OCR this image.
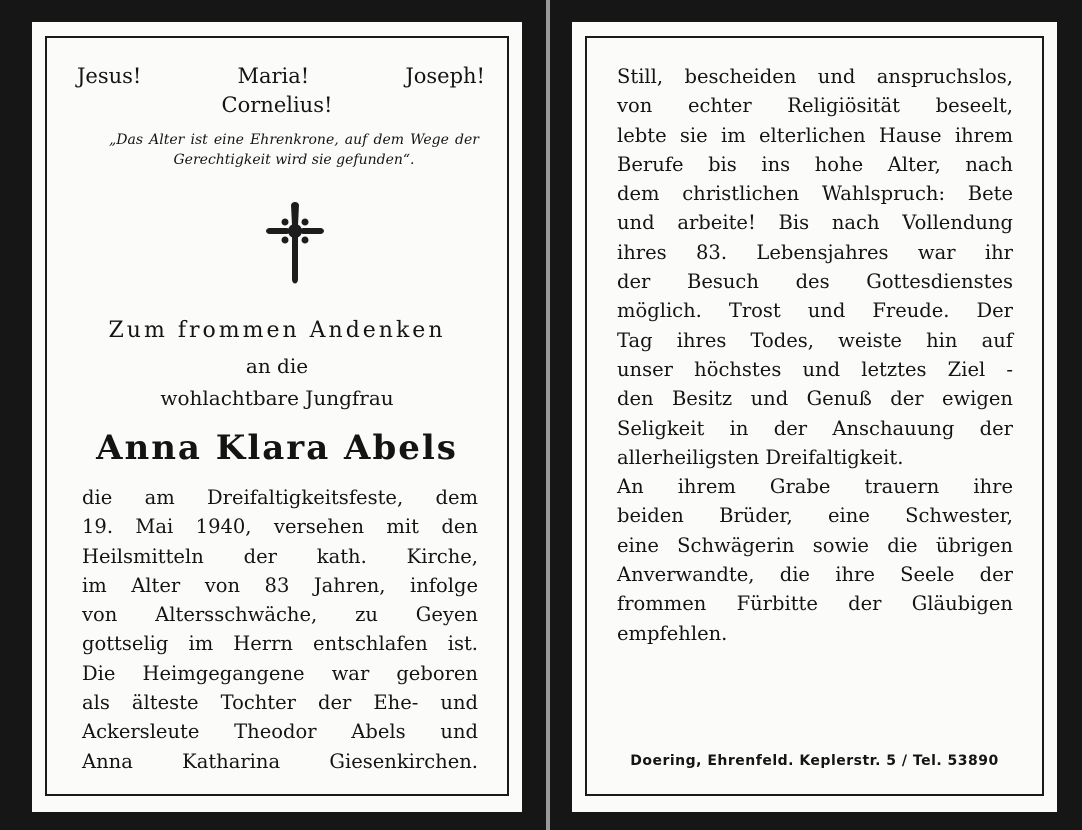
Jesus!	Maria!	Joseph!
Cornelius!
„Das Alter ist eine Ehrenkrone, auf dem Wege der Gerechtigkeit wird sie gefunden“.
Zum frommen Andenken
an die
wohlachtbare Jungfrau
Anna Klara Abels
die am Dreifaltigkeitsfeste, dem
19. Mai 1940, versehen mit den
Heilsmitteln der kath. Kirche,
im Alter von 83 Jahren, infolge
von Altersschwäche, zu Geyen
gottselig im Herrn entschlafen ist.
Die Heimgegangene war geboren
als älteste Tochter der Ehe- und
Ackersleute Theodor Abels und
Anna Katharina Giesenkirchen.
Still, bescheiden und anspruchslos,
von echter Religiösität beseelt,
lebte sie im elterlichen Hause ihrem
Berufe bis ins hohe Alter, nach
dem christlichen Wahlspruch: Bete
und arbeite! Bis nach Vollendung
ihres 83. Lebensjahres war ihr
der Besuch des Gottesdienstes
möglich. Trost und Freude. Der
Tag ihres Todes, weiste hin auf
unser höchstes und letztes Ziel -
den Besitz und Genuß der ewigen
Seligkeit in der Anschauung der
allerheiligsten Dreifaltigkeit.
An ihrem Grabe trauern ihre
beiden Brüder, eine Schwester,
eine Schwägerin sowie die übrigen
Anverwandte, die ihre Seele der
frommen Fürbitte der Gläubigen
empfehlen.
Doering, Ehrenfeld. Keplerstr. 5 / Tel. 53890
